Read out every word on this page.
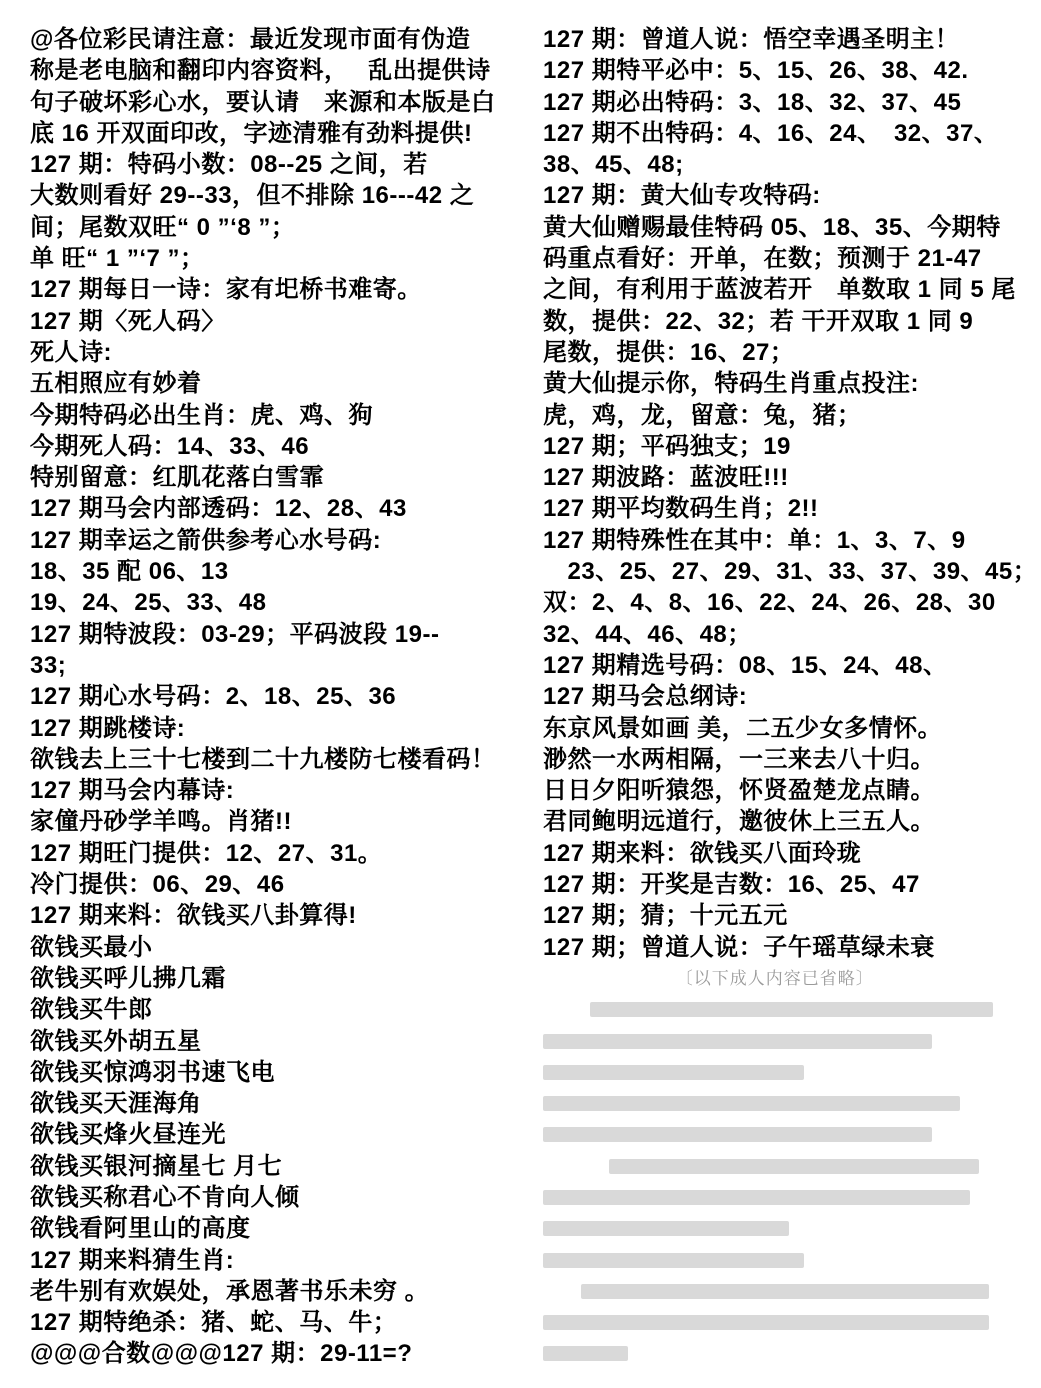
@各位彩民请注意：最近发现市面有伪造
称是老电脑和翻印内容资料，　 乱出提供诗
句子破坏彩心水，要认请　来源和本版是白
底 16 开双面印改，字迹清雅有劲料提供!
127 期：特码小数：08--25 之间，若
大数则看好 29--33，但不排除 16---42 之
间；尾数双旺“ 0 ”‘8 ”；
单 旺“ 1 ”‘7 ”；
127 期每日一诗：家有圯桥书难寄。
127 期〈死人码〉
死人诗:
五相照应有妙着
今期特码必出生肖：虎、鸡、狗
今期死人码：14、33、46
特别留意：红肌花落白雪霏
127 期马会内部透码：12、28、43
127 期幸运之箭供参考心水号码:
18、35 配 06、13
19、24、25、33、48
127 期特波段：03-29；平码波段 19--
33;
127 期心水号码：2、18、25、36
127 期跳楼诗:
欲钱去上三十七楼到二十九楼防七楼看码！
127 期马会内幕诗:
家僮丹砂学羊鸣。肖猪!!
127 期旺门提供：12、27、31。
冷门提供：06、29、46
127 期来料：欲钱买八卦算得!
欲钱买最小
欲钱买呼儿拂几霜
欲钱买牛郎
欲钱买外胡五星
欲钱买惊鸿羽书速飞电
欲钱买天涯海角
欲钱买烽火昼连光
欲钱买银河摘星七 月七
欲钱买称君心不肯向人倾
欲钱看阿里山的高度
127 期来料猜生肖:
老牛别有欢娱处，承恩著书乐未穷 。
127 期特绝杀：猪、蛇、马、牛；
@@@合数@@@127 期：29-11=?
127 期：曾道人说：悟空幸遇圣明主！
127 期特平必中：5、15、26、38、42.
127 期必出特码：3、18、32、37、45
127 期不出特码：4、16、24、　32、37、
38、45、48;
127 期：黄大仙专攻特码:
黄大仙赠赐最佳特码 05、18、35、今期特
码重点看好：开单，在数；预测于 21-47
之间，有利用于蓝波若开　单数取 1 同 5 尾
数，提供：22、32；若 干开双取 1 同 9
尾数，提供：16、27；
黄大仙提示你，特码生肖重点投注:
虎，鸡，龙，留意：兔，猪；
127 期；平码独支；19
127 期波路：蓝波旺!!!
127 期平均数码生肖；2!!
127 期特殊性在其中：单：1、3、7、9
　23、25、27、29、31、33、37、39、45；
双：2、4、8、16、22、24、26、28、30
32、44、46、48；
127 期精选号码：08、15、24、48、
127 期马会总纲诗:
东京风景如画 美，二五少女多情怀。
渺然一水两相隔，一三来去八十归。
日日夕阳听猿怨，怀贤盈楚龙点睛。
君同鲍明远道行，邀彼休上三五人。
127 期来料：欲钱买八面玲珑
127 期：开奖是吉数：16、25、47
127 期；猜；十元五元
127 期；曾道人说：子午瑶草绿未衰
〔以下成人内容已省略〕
